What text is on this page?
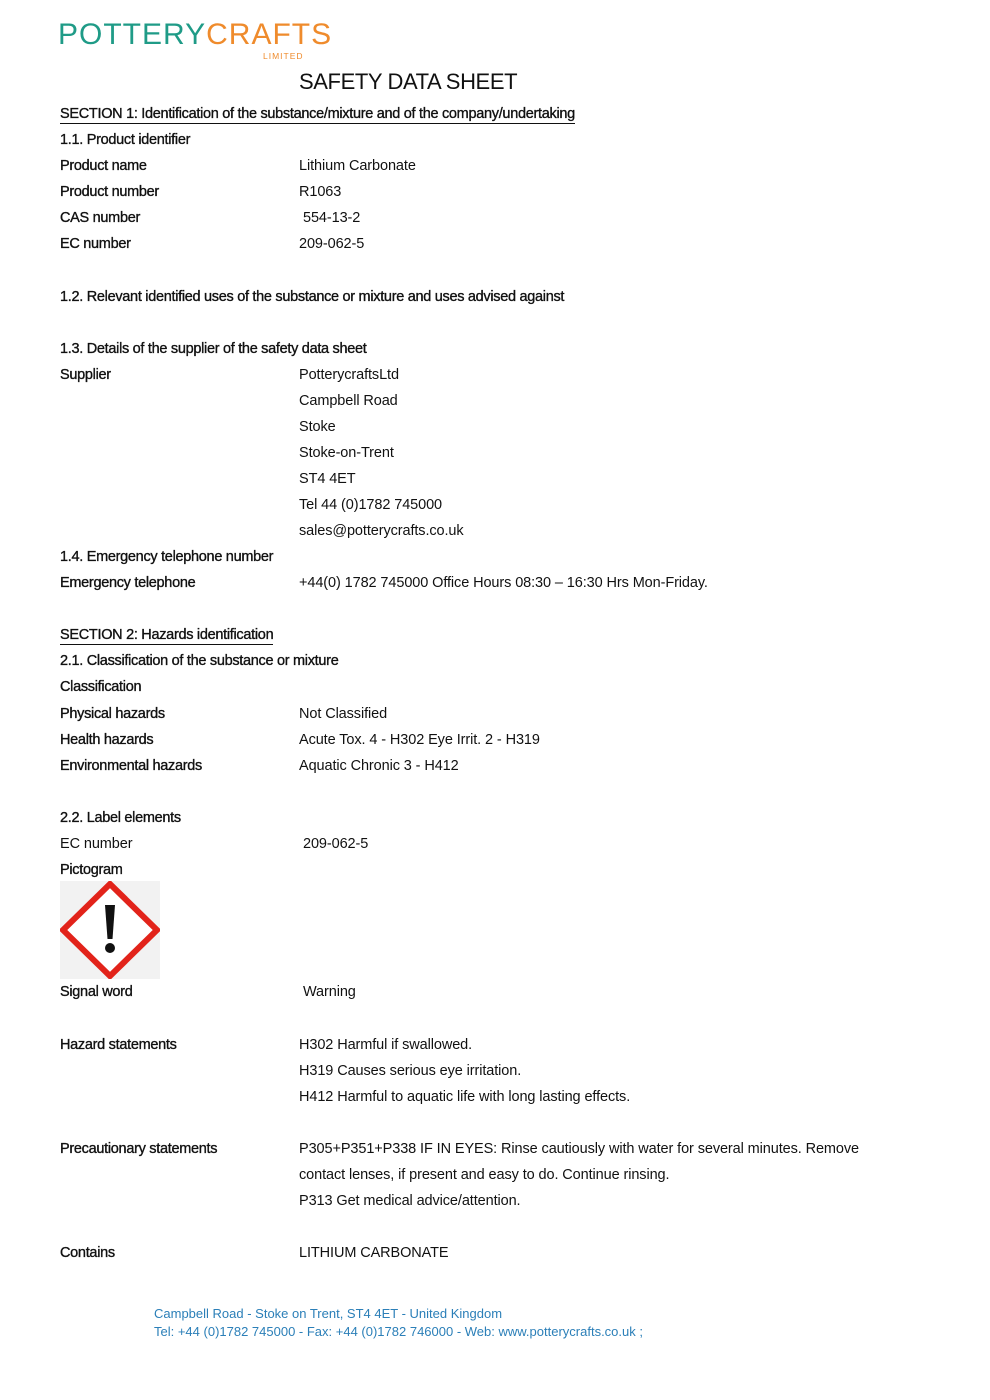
POTTERYCRAFTS
LIMITED
SAFETY DATA SHEET
SECTION 1: Identification of the substance/mixture and of the company/undertaking
1.1. Product identifier
Product name	Lithium Carbonate
Product number	R1063
CAS number	554-13-2
EC number	209-062-5
1.2. Relevant identified uses of the substance or mixture and uses advised against
1.3. Details of the supplier of the safety data sheet
Supplier	PotterycraftsLtd
Campbell Road
Stoke
Stoke-on-Trent
ST4 4ET
Tel 44 (0)1782 745000
sales@potterycrafts.co.uk
1.4. Emergency telephone number
Emergency telephone	+44(0) 1782 745000 Office Hours 08:30 – 16:30 Hrs Mon-Friday.
SECTION 2: Hazards identification
2.1. Classification of the substance or mixture
Classification
Physical hazards	Not Classified
Health hazards	Acute Tox. 4 - H302 Eye Irrit. 2 - H319
Environmental hazards	Aquatic Chronic 3 - H412
2.2. Label elements
EC number	209-062-5
Pictogram
Signal word	Warning
Hazard statements	H302 Harmful if swallowed.
H319 Causes serious eye irritation.
H412 Harmful to aquatic life with long lasting effects.
Precautionary statements	P305+P351+P338 IF IN EYES: Rinse cautiously with water for several minutes. Remove
contact lenses, if present and easy to do. Continue rinsing.
P313 Get medical advice/attention.
Contains	LITHIUM CARBONATE
Campbell Road - Stoke on Trent, ST4 4ET - United Kingdom
Tel: +44 (0)1782 745000 - Fax: +44 (0)1782 746000 - Web: www.potterycrafts.co.uk ;
